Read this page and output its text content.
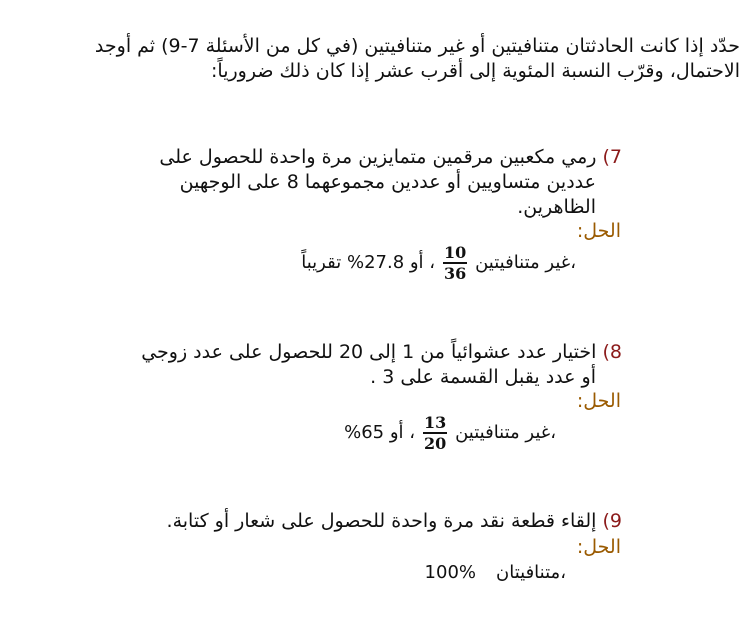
حدّد إذا كانت الحادثتان متنافيتين أو غير متنافيتين (في كل من الأسئلة 7-9) ثم أوجد الاحتمال، وقرّب النسبة المئوية إلى أقرب عشر إذا كان ذلك ضرورياً:
7) رمي مكعبين مرقمين متمايزين مرة واحدة للحصول على عددين متساويين أو عددين مجموعهما 8 على الوجهين الظاهرين.
الحل:
غير متنافيتين،
$\frac{10}{36}$
، أو 27.8% تقريباً
8) اختيار عدد عشوائياً من 1 إلى 20 للحصول على عدد زوجي أو عدد يقبل القسمة على 3 .
الحل:
غير متنافيتين،
$\frac{13}{20}$
، أو 65%
9) إلقاء قطعة نقد مرة واحدة للحصول على شعار أو كتابة.
الحل:
متنافيتان،
100%
